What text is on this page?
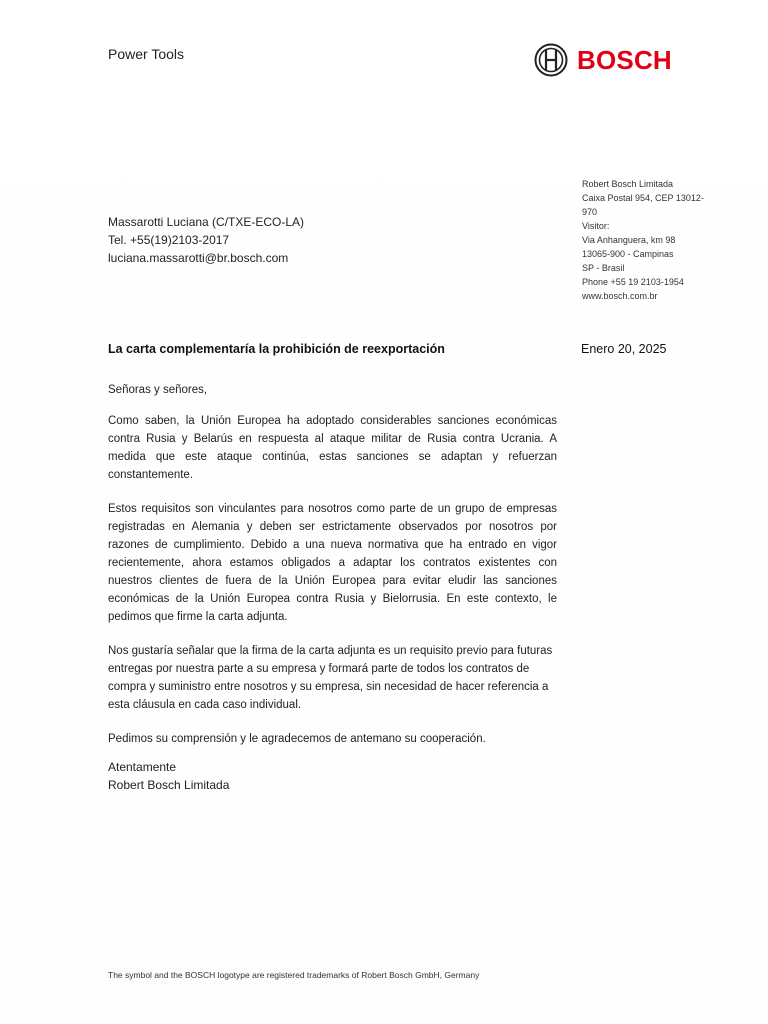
Power Tools	BOSCH
Robert Bosch Limitada
Caixa Postal 954, CEP 13012-970
Visitor:
Via Anhanguera, km 98
13065-900 - Campinas
SP - Brasil
Phone +55 19 2103-1954
www.bosch.com.br
Massarotti Luciana (C/TXE-ECO-LA)
Tel. +55(19)2103-2017
luciana.massarotti@br.bosch.com
La carta complementaría la prohibición de reexportación	Enero 20, 2025

Señoras y señores,

Como saben, la Unión Europea ha adoptado considerables sanciones económicas contra Rusia y Belarús en respuesta al ataque militar de Rusia contra Ucrania. A medida que este ataque continúa, estas sanciones se adaptan y refuerzan constantemente.

Estos requisitos son vinculantes para nosotros como parte de un grupo de empresas registradas en Alemania y deben ser estrictamente observados por nosotros por razones de cumplimiento. Debido a una nueva normativa que ha entrado en vigor recientemente, ahora estamos obligados a adaptar los contratos existentes con nuestros clientes de fuera de la Unión Europea para evitar eludir las sanciones económicas de la Unión Europea contra Rusia y Bielorrusia. En este contexto, le pedimos que firme la carta adjunta.

Nos gustaría señalar que la firma de la carta adjunta es un requisito previo para futuras entregas por nuestra parte a su empresa y formará parte de todos los contratos de compra y suministro entre nosotros y su empresa, sin necesidad de hacer referencia a esta cláusula en cada caso individual.

Pedimos su comprensión y le agradecemos de antemano su cooperación.

Atentamente
Robert Bosch Limitada
The symbol and the BOSCH logotype are registered trademarks of Robert Bosch GmbH, Germany
